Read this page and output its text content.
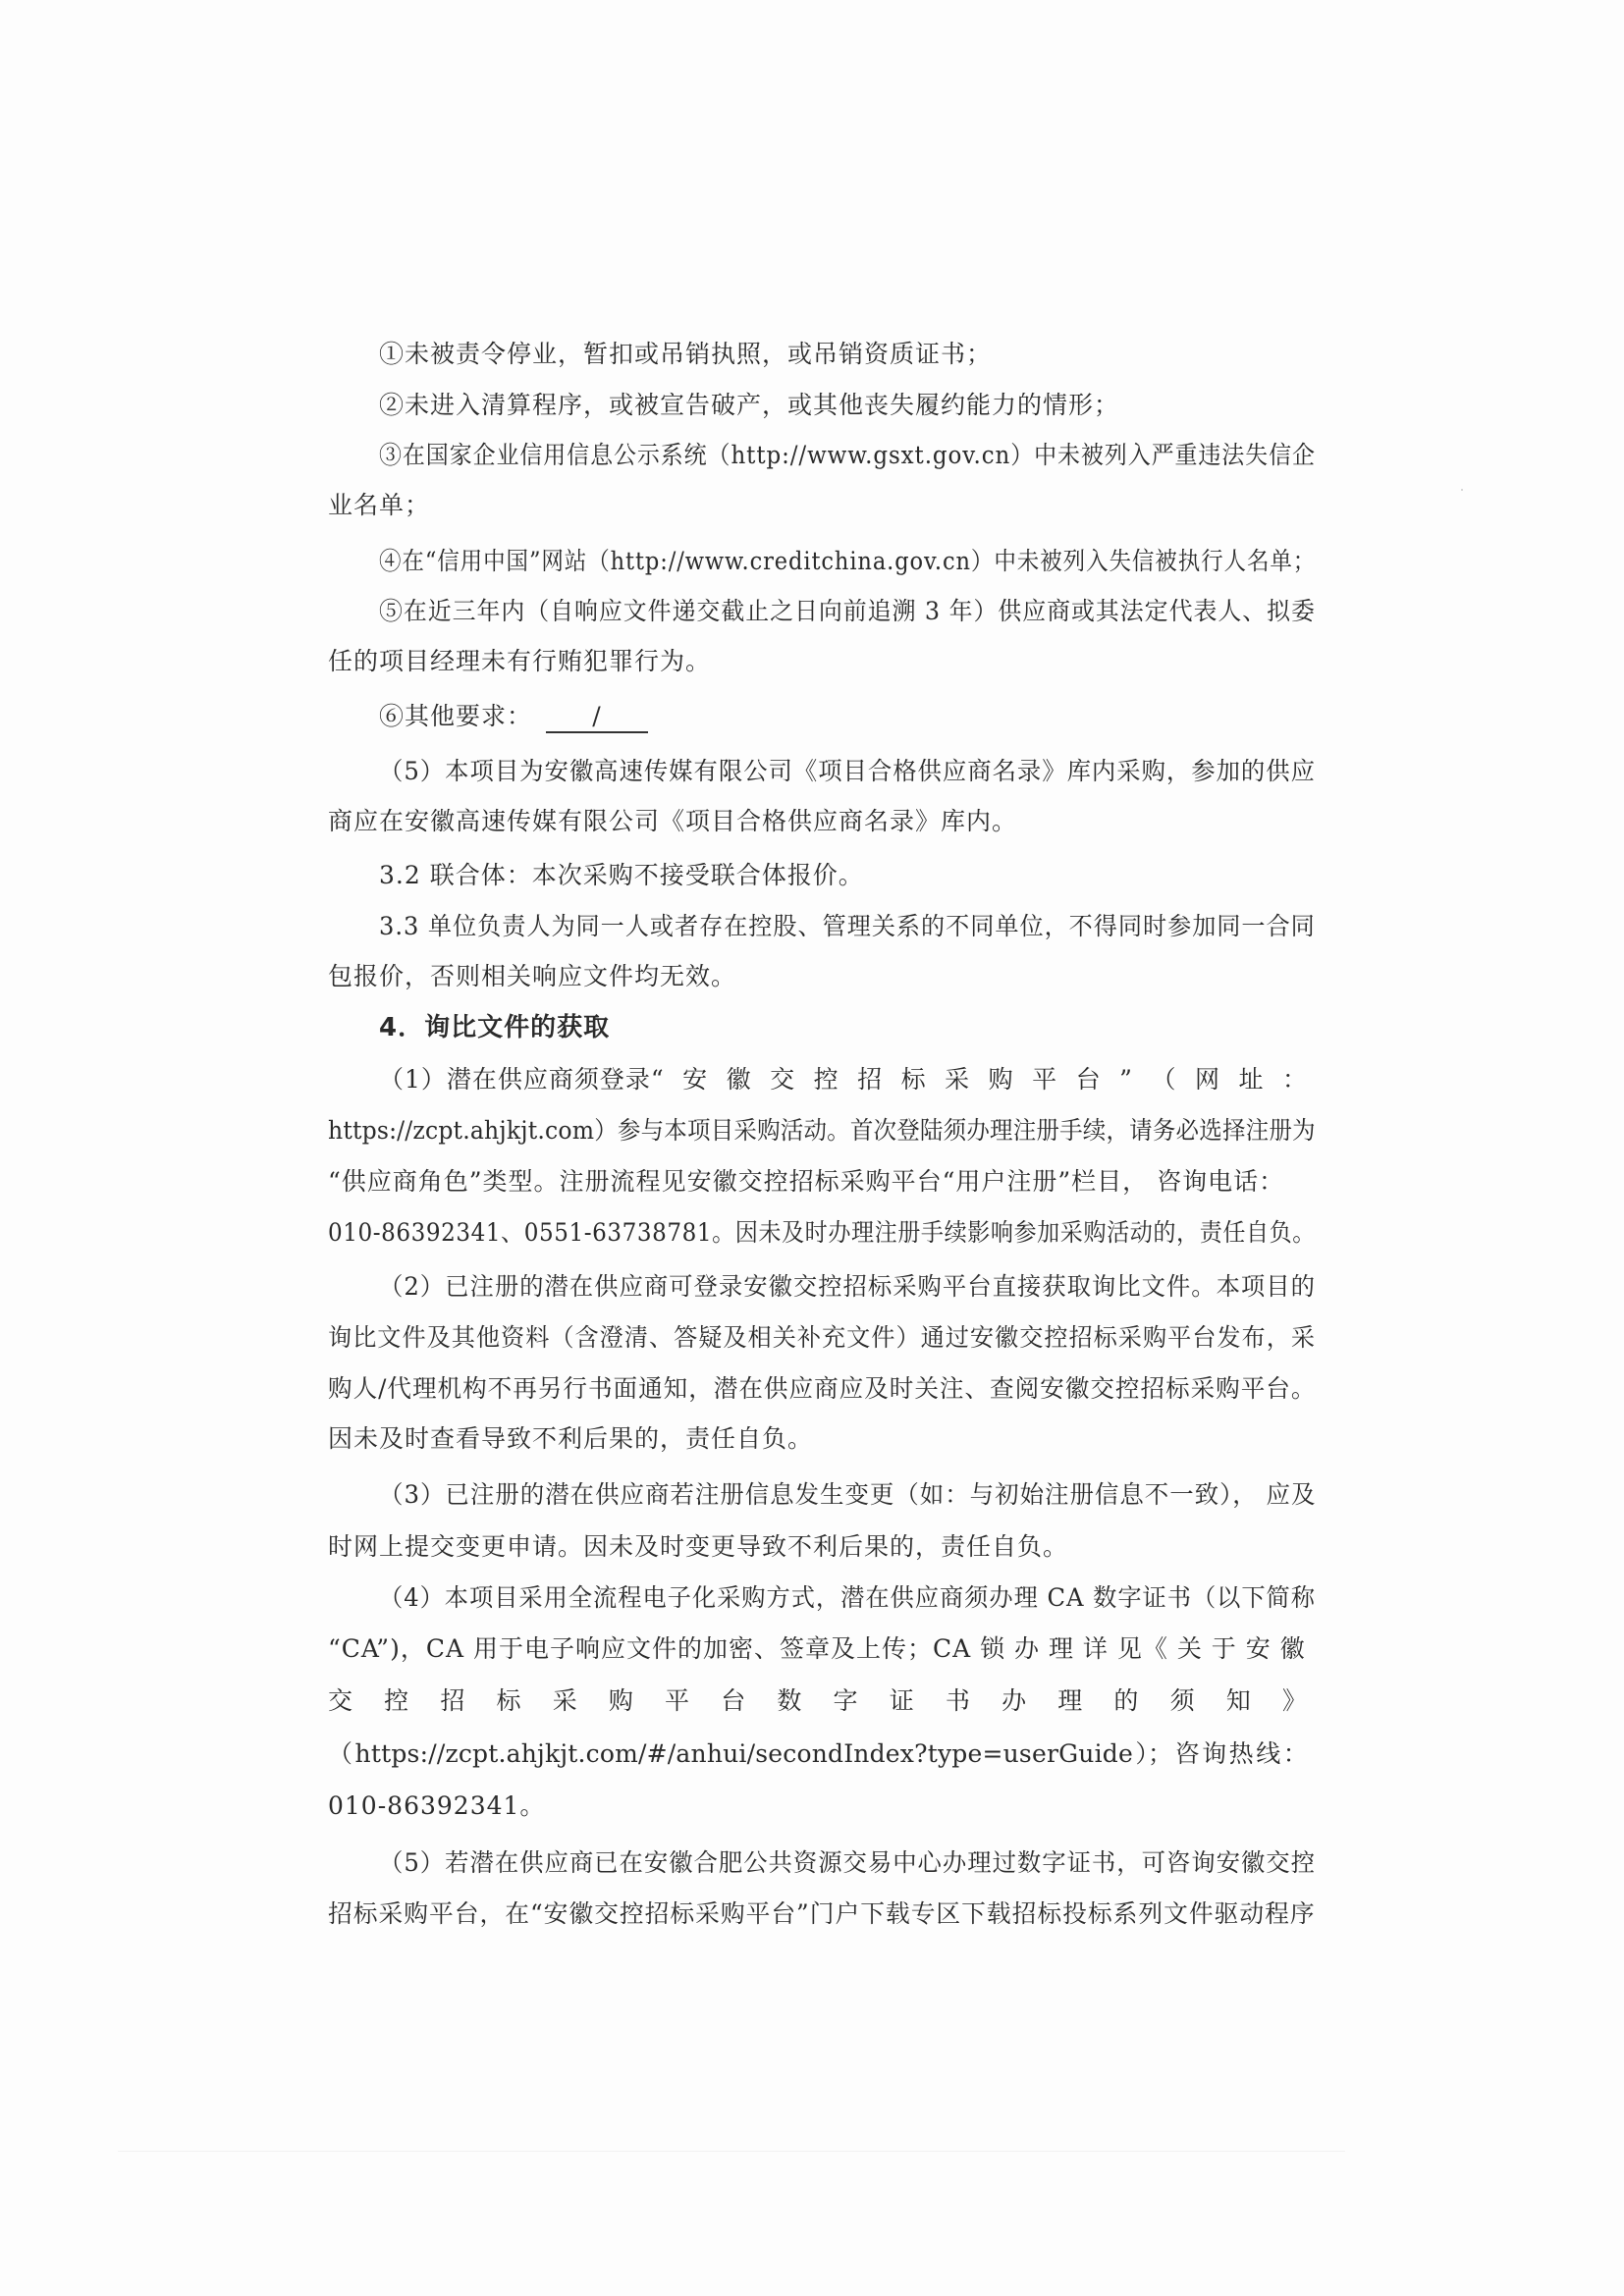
①未被责令停业，暂扣或吊销执照，或吊销资质证书；
②未进入清算程序，或被宣告破产，或其他丧失履约能力的情形；
③在国家企业信用信息公示系统（http://www.gsxt.gov.cn）中未被列入严重违法失信企
业名单；
④在“信用中国”网站（http://www.creditchina.gov.cn）中未被列入失信被执行人名单；
⑤在近三年内（自响应文件递交截止之日向前追溯 3 年）供应商或其法定代表人、拟委
任的项目经理未有行贿犯罪行为。
⑥其他要求： /
（5）本项目为安徽高速传媒有限公司《项目合格供应商名录》库内采购，参加的供应
商应在安徽高速传媒有限公司《项目合格供应商名录》库内。
3.2 联合体：本次采购不接受联合体报价。
3.3 单位负责人为同一人或者存在控股、管理关系的不同单位，不得同时参加同一合同
包报价，否则相关响应文件均无效。
4．询比文件的获取
（1）潜在供应商须登录“ 安 徽 交 控 招 标 采 购 平 台 ” （ 网 址 ：
https://zcpt.ahjkjt.com）参与本项目采购活动。首次登陆须办理注册手续，请务必选择注册为
“供应商角色”类型。注册流程见安徽交控招标采购平台“用户注册”栏目， 咨询电话：
010-86392341、0551-63738781。因未及时办理注册手续影响参加采购活动的，责任自负。
（2）已注册的潜在供应商可登录安徽交控招标采购平台直接获取询比文件。本项目的
询比文件及其他资料（含澄清、答疑及相关补充文件）通过安徽交控招标采购平台发布，采
购人/代理机构不再另行书面通知，潜在供应商应及时关注、查阅安徽交控招标采购平台。
因未及时查看导致不利后果的，责任自负。
（3）已注册的潜在供应商若注册信息发生变更（如：与初始注册信息不一致）， 应及
时网上提交变更申请。因未及时变更导致不利后果的，责任自负。
（4）本项目采用全流程电子化采购方式，潜在供应商须办理 CA 数字证书（以下简称
“CA”)，CA 用于电子响应文件的加密、签章及上传；CA 锁 办 理 详 见《 关 于 安 徽
交 控 招 标 采 购 平 台 数 字 证 书 办 理 的 须 知 》
（ https://zcpt.ahjkjt.com/#/anhui/secondIndex?type=userGuide ）； 咨 询 热 线 ：
010-86392341。
（5）若潜在供应商已在安徽合肥公共资源交易中心办理过数字证书，可咨询安徽交控
招标采购平台，在“安徽交控招标采购平台”门户下载专区下载招标投标系列文件驱动程序
